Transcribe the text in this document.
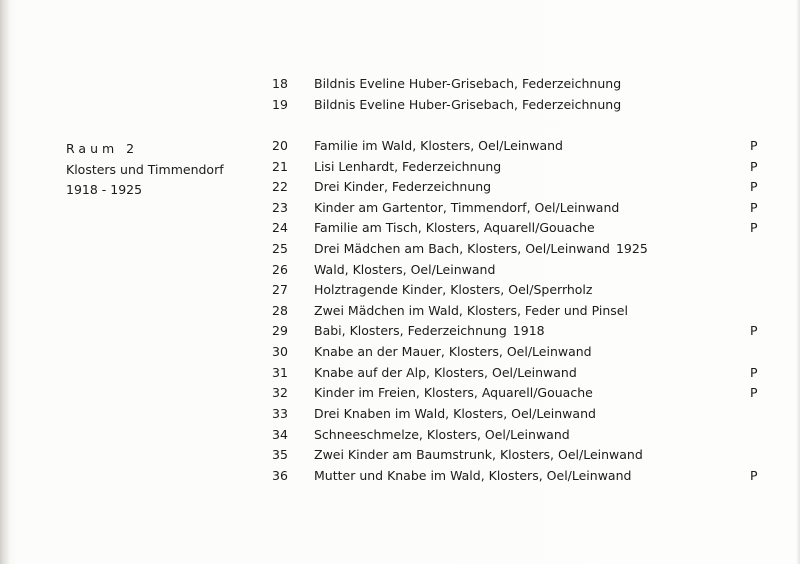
Raum 2
Klosters und Timmendorf
1918 - 1925
18	Bildnis Eveline Huber-Grisebach, Federzeichnung
19	Bildnis Eveline Huber-Grisebach, Federzeichnung
20	Familie im Wald, Klosters, Oel/Leinwand	P
21	Lisi Lenhardt, Federzeichnung	P
22	Drei Kinder, Federzeichnung	P
23	Kinder am Gartentor, Timmendorf, Oel/Leinwand	P
24	Familie am Tisch, Klosters, Aquarell/Gouache	P
25	Drei Mädchen am Bach, Klosters, Oel/Leinwand 1925
26	Wald, Klosters, Oel/Leinwand
27	Holztragende Kinder, Klosters, Oel/Sperrholz
28	Zwei Mädchen im Wald, Klosters, Feder und Pinsel
29	Babi, Klosters, Federzeichnung 1918	P
30	Knabe an der Mauer, Klosters, Oel/Leinwand
31	Knabe auf der Alp, Klosters, Oel/Leinwand	P
32	Kinder im Freien, Klosters, Aquarell/Gouache	P
33	Drei Knaben im Wald, Klosters, Oel/Leinwand
34	Schneeschmelze, Klosters, Oel/Leinwand
35	Zwei Kinder am Baumstrunk, Klosters, Oel/Leinwand
36	Mutter und Knabe im Wald, Klosters, Oel/Leinwand	P
